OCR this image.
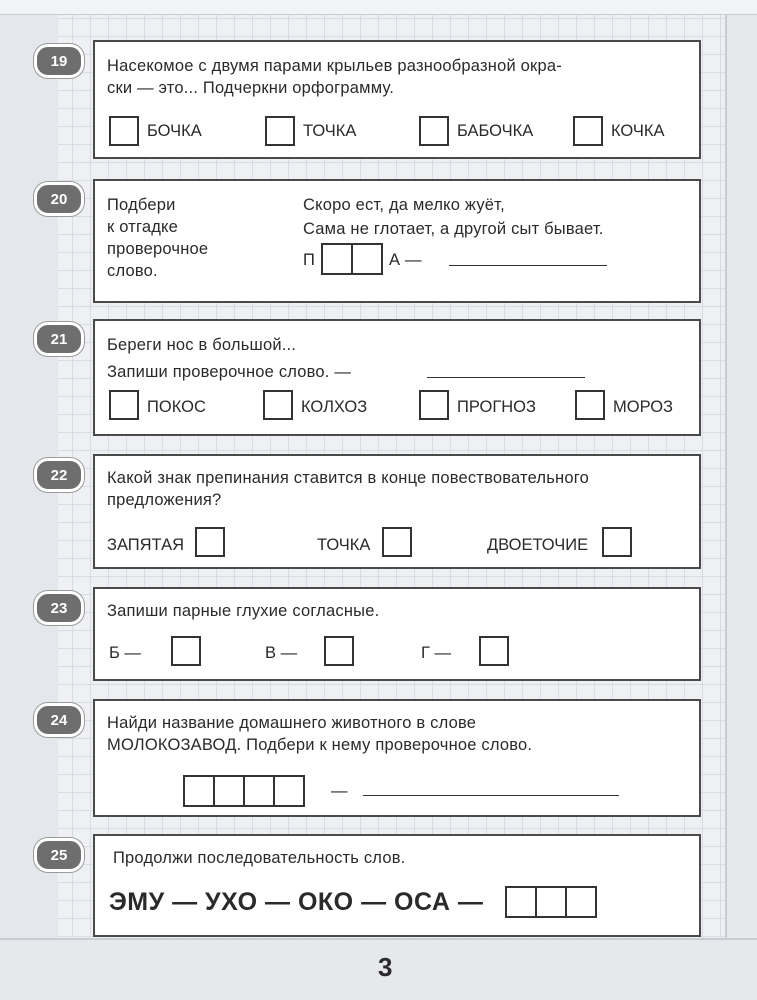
19	Насекомое с двумя парами крыльев разнообразной окра-
ски — это... Подчеркни орфограмму.
БОЧКА	ТОЧКА	БАБОЧКА	КОЧКА
20	Подбери
к отгадке
проверочное
слово.
Скоро ест, да мелко жуёт,
Сама не глотает, а другой сыт бывает.
П	А —
21	Береги нос в большой...
Запиши проверочное слово. —
ПОКОС	КОЛХОЗ	ПРОГНОЗ	МОРОЗ
22	Какой знак препинания ставится в конце повествовательного
предложения?
ЗАПЯТАЯ	ТОЧКА	ДВОЕТОЧИЕ
23	Запиши парные глухие согласные.
Б —	В —	Г —
24	Найди название домашнего животного в слове
МОЛОКОЗАВОД. Подбери к нему проверочное слово.
—
25	Продолжи последовательность слов.
ЭМУ — УХО — ОКО — ОСА —
3
